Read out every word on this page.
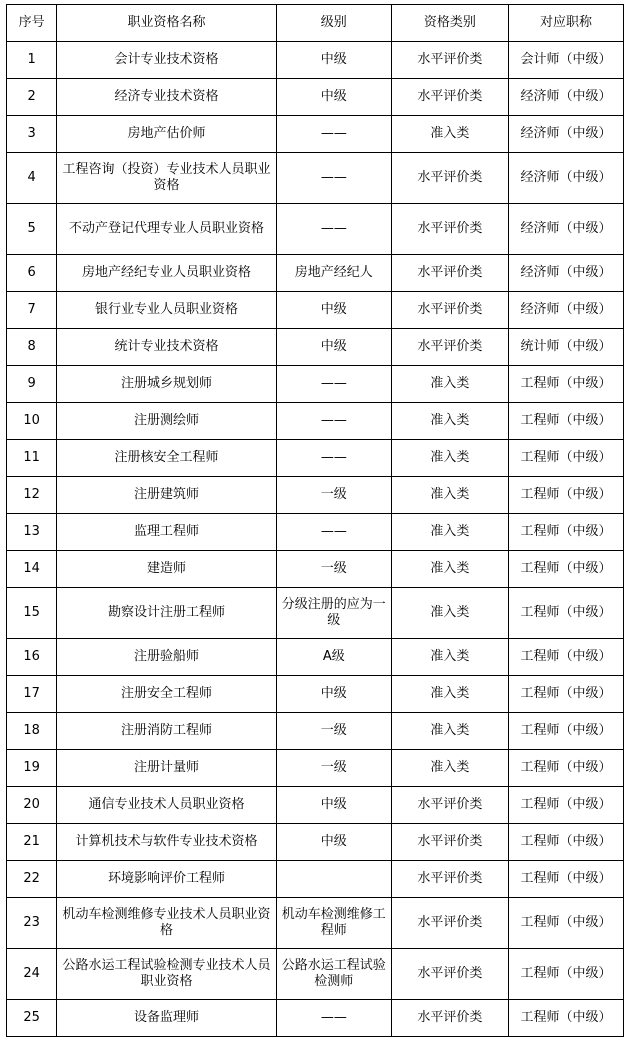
序号	职业资格名称	级别	资格类别	对应职称

1	会计专业技术资格	中级	水平评价类	会计师（中级）

2	经济专业技术资格	中级	水平评价类	经济师（中级）

3	房地产估价师	——	准入类	经济师（中级）

4	工程咨询（投资）专业技术人员职业资格	——	水平评价类	经济师（中级）

5	不动产登记代理专业人员职业资格	——	水平评价类	经济师（中级）

6	房地产经纪专业人员职业资格	房地产经纪人	水平评价类	经济师（中级）

7	银行业专业人员职业资格	中级	水平评价类	经济师（中级）

8	统计专业技术资格	中级	水平评价类	统计师（中级）

9	注册城乡规划师	——	准入类	工程师（中级）

10	注册测绘师	——	准入类	工程师（中级）

11	注册核安全工程师	——	准入类	工程师（中级）

12	注册建筑师	一级	准入类	工程师（中级）

13	监理工程师	——	准入类	工程师（中级）

14	建造师	一级	准入类	工程师（中级）

15	勘察设计注册工程师	分级注册的应为一级	准入类	工程师（中级）

16	注册验船师	A级	准入类	工程师（中级）

17	注册安全工程师	中级	准入类	工程师（中级）

18	注册消防工程师	一级	准入类	工程师（中级）

19	注册计量师	一级	准入类	工程师（中级）

20	通信专业技术人员职业资格	中级	水平评价类	工程师（中级）

21	计算机技术与软件专业技术资格	中级	水平评价类	工程师（中级）

22	环境影响评价工程师		水平评价类	工程师（中级）

23	机动车检测维修专业技术人员职业资格	机动车检测维修工程师	水平评价类	工程师（中级）

24	公路水运工程试验检测专业技术人员职业资格	公路水运工程试验检测师	水平评价类	工程师（中级）

25	设备监理师	——	水平评价类	工程师（中级）
